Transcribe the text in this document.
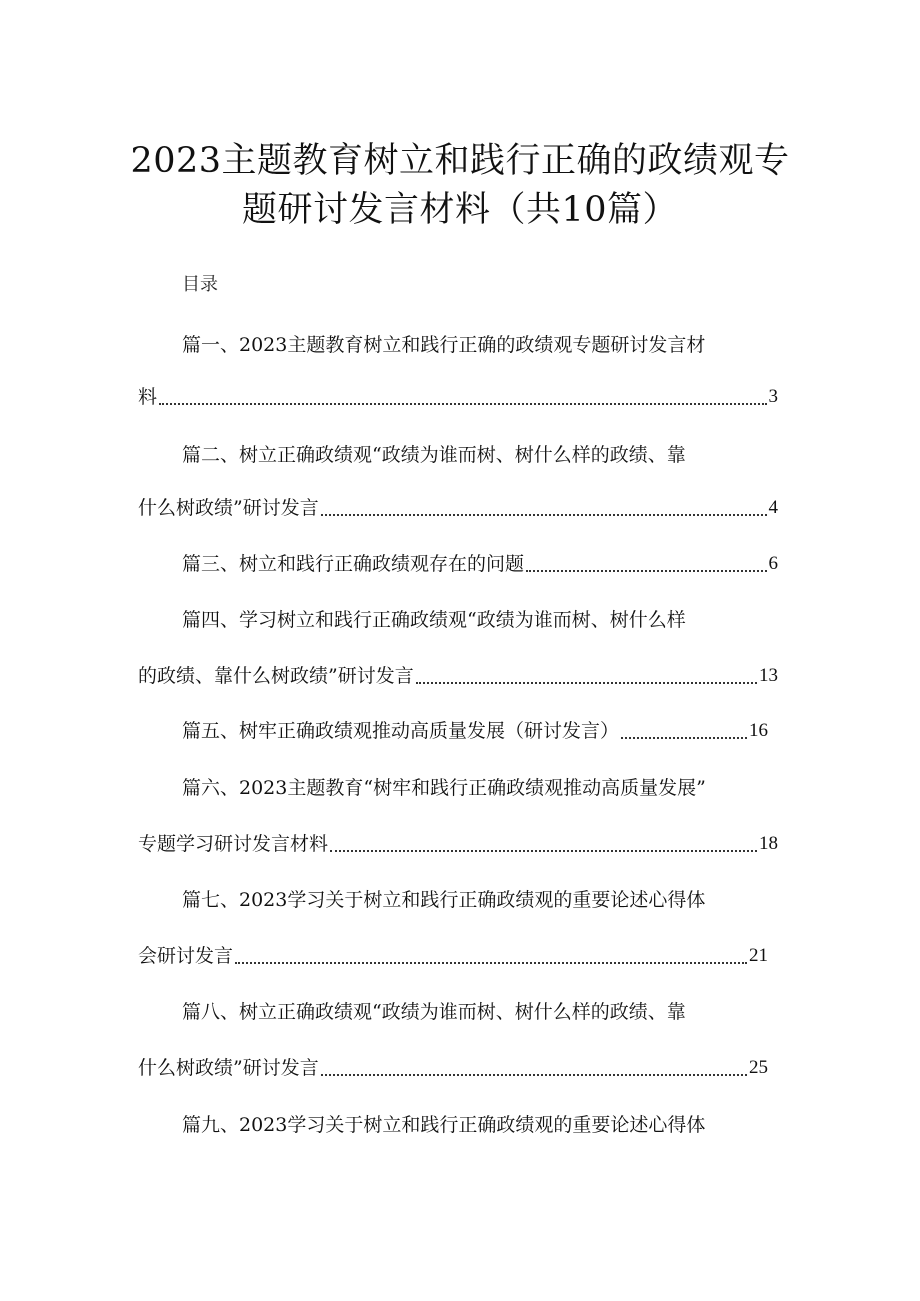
2023主题教育树立和践行正确的政绩观专
题研讨发言材料（共10篇）
目录
篇一、2023主题教育树立和践行正确的政绩观专题研讨发言材
料	3
篇二、树立正确政绩观“政绩为谁而树、树什么样的政绩、靠
什么树政绩”研讨发言	4
篇三、树立和践行正确政绩观存在的问题	6
篇四、学习树立和践行正确政绩观“政绩为谁而树、树什么样
的政绩、靠什么树政绩”研讨发言	13
篇五、树牢正确政绩观推动高质量发展（研讨发言）	16
篇六、2023主题教育“树牢和践行正确政绩观推动高质量发展”
专题学习研讨发言材料	18
篇七、2023学习关于树立和践行正确政绩观的重要论述心得体
会研讨发言	21
篇八、树立正确政绩观“政绩为谁而树、树什么样的政绩、靠
什么树政绩”研讨发言	25
篇九、2023学习关于树立和践行正确政绩观的重要论述心得体
